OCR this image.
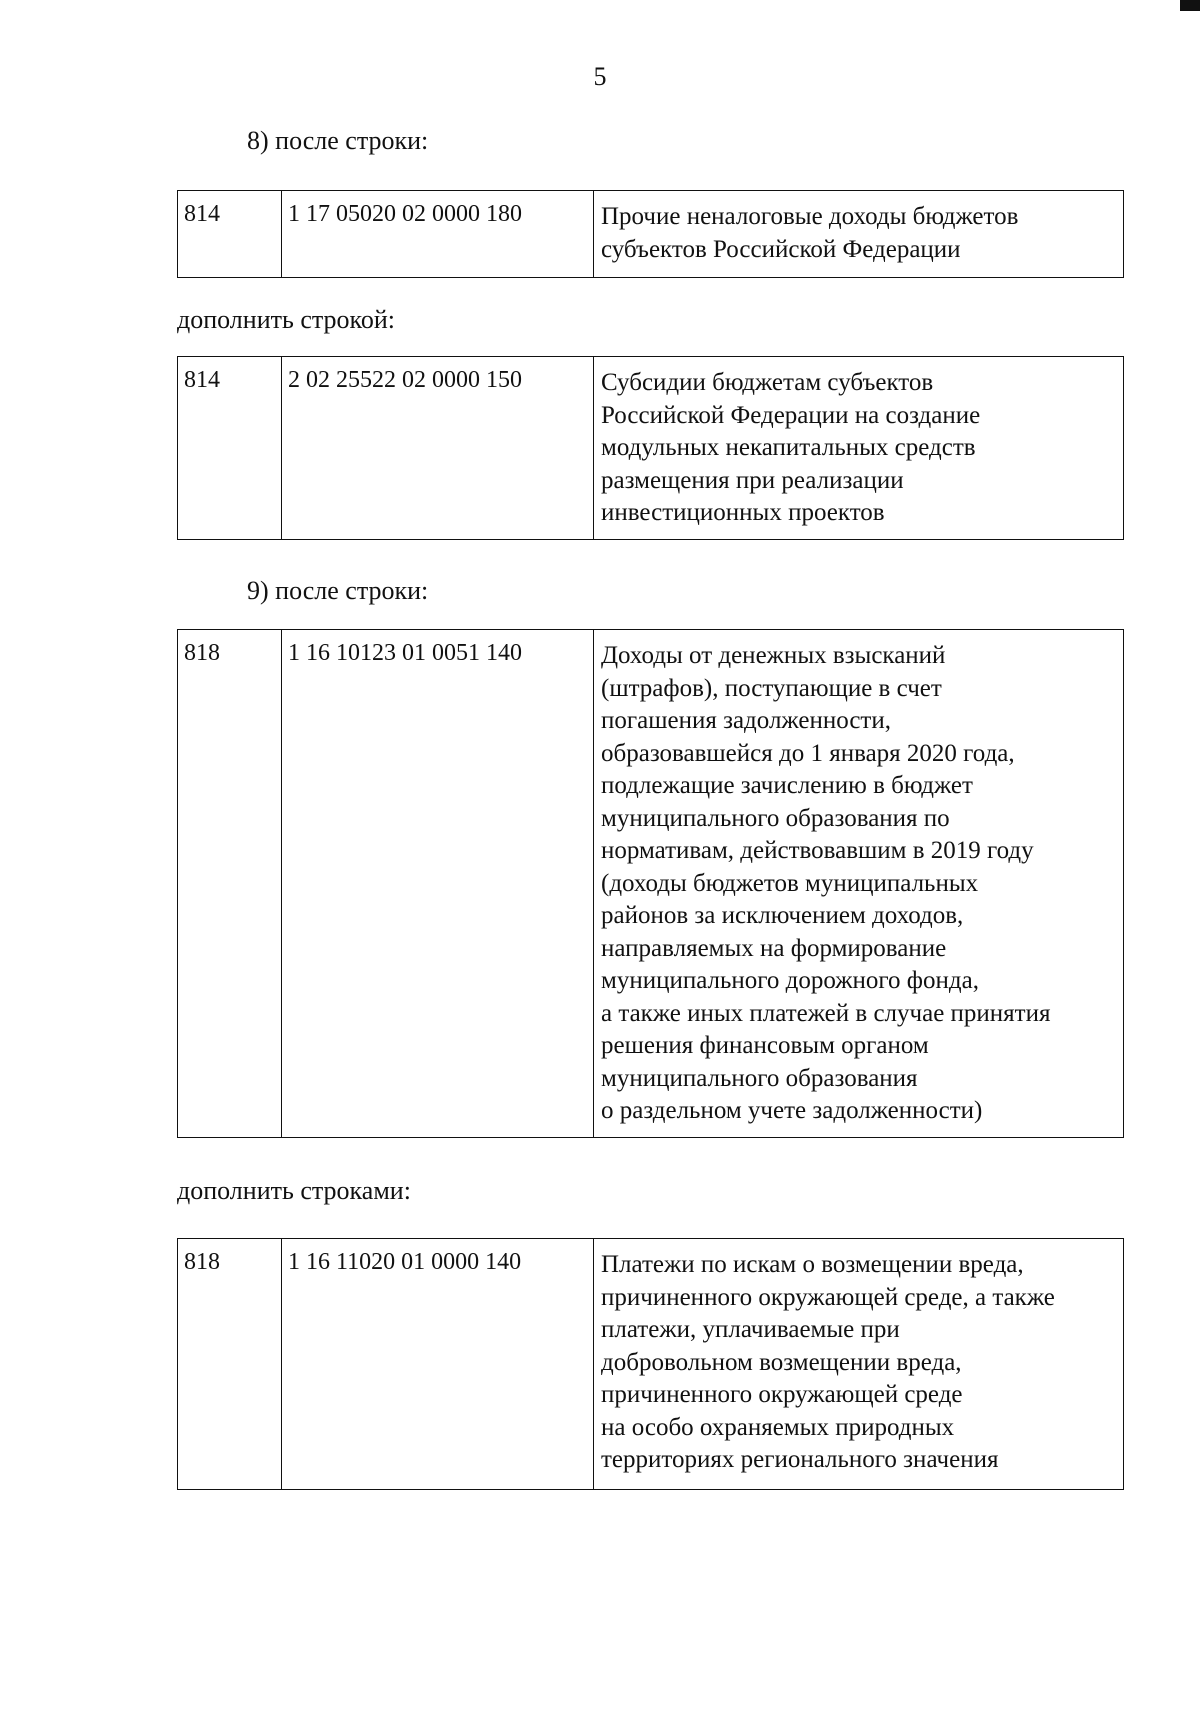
5
8) после строки:
814	1 17 05020 02 0000 180	Прочие неналоговые доходы бюджетов
субъектов Российской Федерации
дополнить строкой:
814	2 02 25522 02 0000 150	Субсидии бюджетам субъектов
Российской Федерации на создание
модульных некапитальных средств
размещения при реализации
инвестиционных проектов
9) после строки:
818	1 16 10123 01 0051 140	Доходы от денежных взысканий
(штрафов), поступающие в счет
погашения задолженности,
образовавшейся до 1 января 2020 года,
подлежащие зачислению в бюджет
муниципального образования по
нормативам, действовавшим в 2019 году
(доходы бюджетов муниципальных
районов за исключением доходов,
направляемых на формирование
муниципального дорожного фонда,
а также иных платежей в случае принятия
решения финансовым органом
муниципального образования
о раздельном учете задолженности)
дополнить строками:
818	1 16 11020 01 0000 140	Платежи по искам о возмещении вреда,
причиненного окружающей среде, а также
платежи, уплачиваемые при
добровольном возмещении вреда,
причиненного окружающей среде
на особо охраняемых природных
территориях регионального значения
